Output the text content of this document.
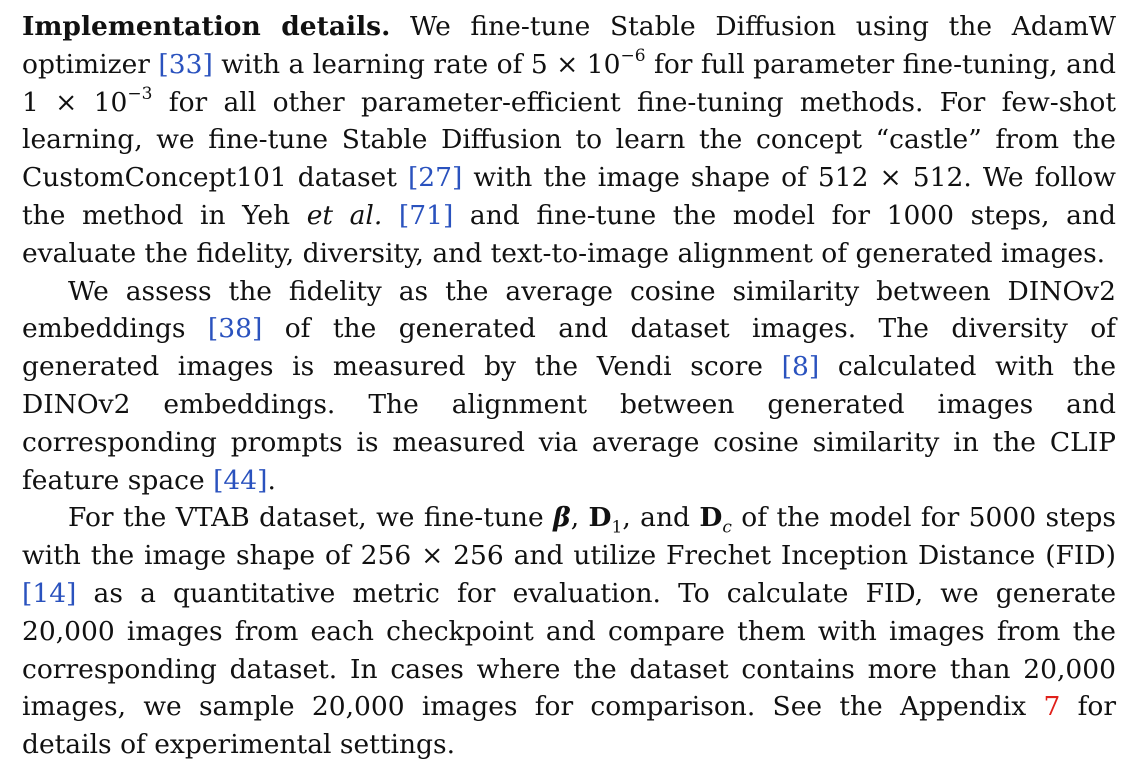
Implementation details. We fine-tune Stable Diffusion using the AdamW optimizer [33] with a learning rate of $5 \times 10^{-6}$ for full parameter fine-tuning, and $1 \times 10^{-3}$ for all other parameter-efficient fine-tuning methods. For few-shot learning, we fine-tune Stable Diffusion to learn the concept “castle” from the CustomConcept101 dataset [27] with the image shape of 512 × 512. We follow the method in Yeh et al. [71] and fine-tune the model for 1000 steps, and evaluate the fidelity, diversity, and text-to-image alignment of generated images.

We assess the fidelity as the average cosine similarity between DINOv2 embeddings [38] of the generated and dataset images. The diversity of generated images is measured by the Vendi score [8] calculated with the DINOv2 embeddings. The alignment between generated images and corresponding prompts is measured via average cosine similarity in the CLIP feature space [44].

For the VTAB dataset, we fine-tune β, $D_1$, and $D_c$ of the model for 5000 steps with the image shape of 256 × 256 and utilize Frechet Inception Distance (FID) [14] as a quantitative metric for evaluation. To calculate FID, we generate 20,000 images from each checkpoint and compare them with images from the corresponding dataset. In cases where the dataset contains more than 20,000 images, we sample 20,000 images for comparison. See the Appendix 7 for details of experimental settings.
